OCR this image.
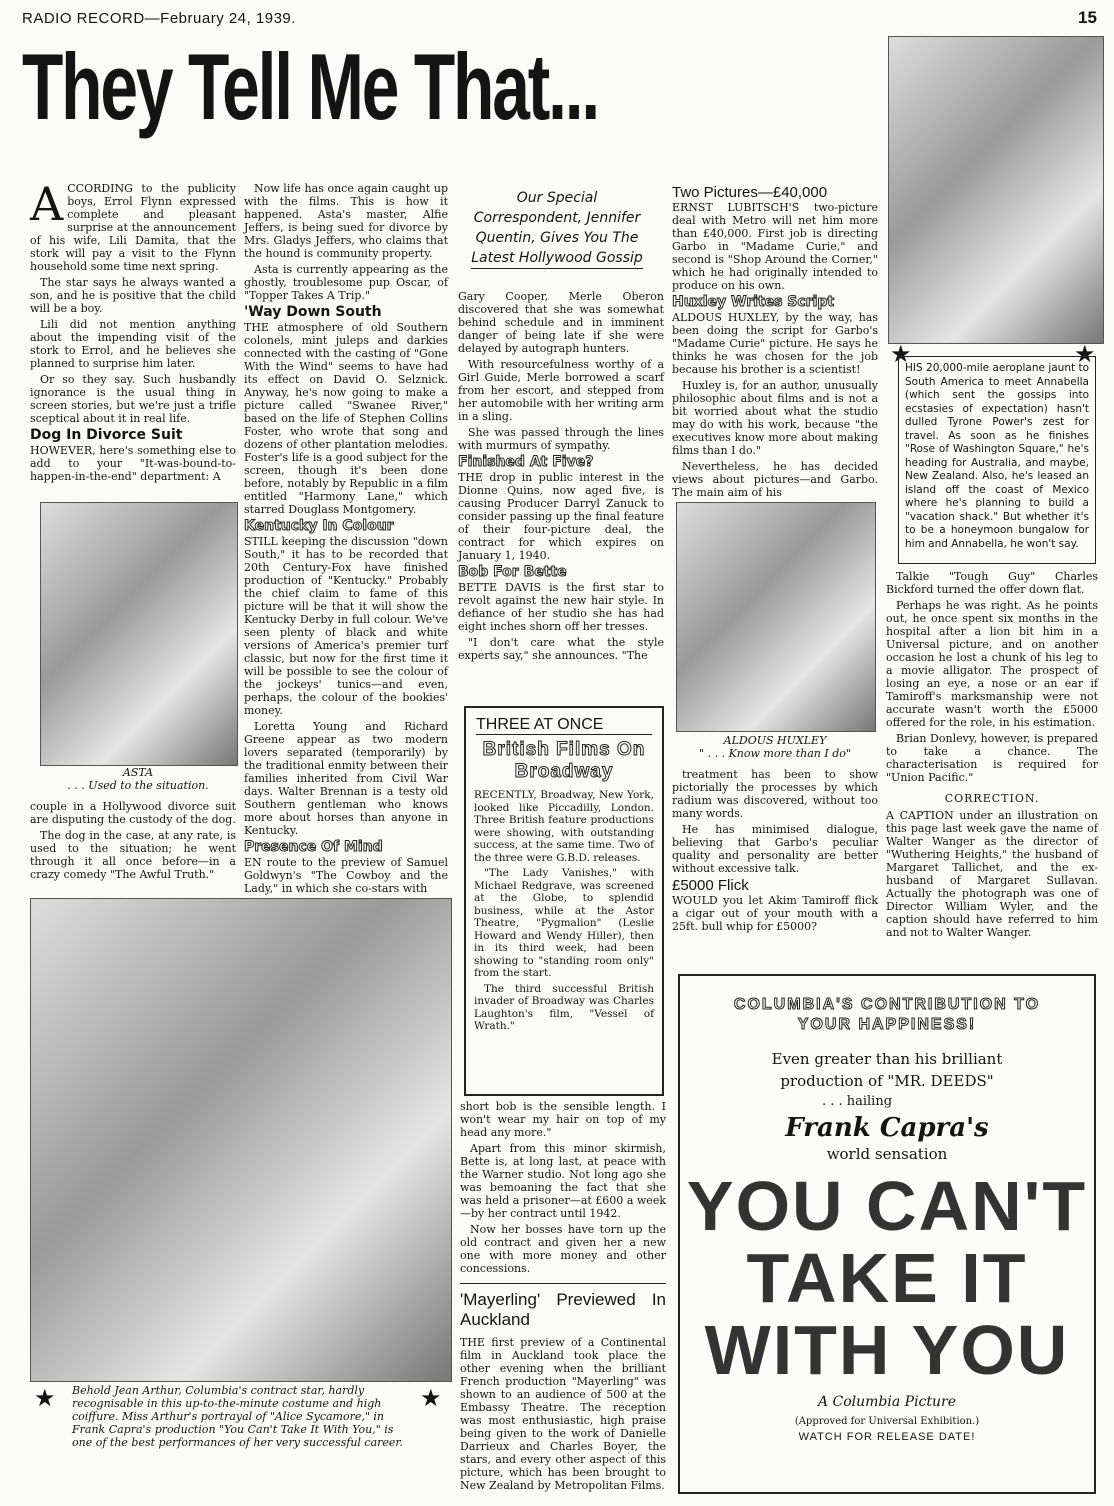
RADIO RECORD—February 24, 1939.	15
They Tell Me That...
★	★
A CCORDING to the publicity boys, Errol Flynn expressed complete and pleasant surprise at the announcement of his wife, Lili Damita, that the stork will pay a visit to the Flynn household some time next spring.

The star says he always wanted a son, and he is positive that the child will be a boy.

Lili did not mention anything about the impending visit of the stork to Errol, and he believes she planned to surprise him later.

Or so they say. Such husbandly ignorance is the usual thing in screen stories, but we're just a trifle sceptical about it in real life.

Dog In Divorce Suit

HOWEVER, here's something else to add to your "It-was-bound-to-happen-in-the-end" department: A

ASTA
. . . Used to the situation.

couple in a Hollywood divorce suit are disputing the custody of the dog.

The dog in the case, at any rate, is used to the situation; he went through it all once before—in a crazy comedy "The Awful Truth."

Now life has once again caught up with the films. This is how it happened. Asta's master, Alfie Jeffers, is being sued for divorce by Mrs. Gladys Jeffers, who claims that the hound is community property.

Asta is currently appearing as the ghostly, troublesome pup Oscar, of "Topper Takes A Trip."

'Way Down South

THE atmosphere of old Southern colonels, mint juleps and darkies connected with the casting of "Gone With the Wind" seems to have had its effect on David O. Selznick. Anyway, he's now going to make a picture called "Swanee River," based on the life of Stephen Collins Foster, who wrote that song and dozens of other plantation melodies. Foster's life is a good subject for the screen, though it's been done before, notably by Republic in a film entitled "Harmony Lane," which starred Douglass Montgomery.

Kentucky In Colour

STILL keeping the discussion "down South," it has to be recorded that 20th Century-Fox have finished production of "Kentucky." Probably the chief claim to fame of this picture will be that it will show the Kentucky Derby in full colour. We've seen plenty of black and white versions of America's premier turf classic, but now for the first time it will be possible to see the colour of the jockeys' tunics—and even, perhaps, the colour of the bookies' money.

Loretta Young and Richard Greene appear as two modern lovers separated (temporarily) by the traditional enmity between their families inherited from Civil War days. Walter Brennan is a testy old Southern gentleman who knows more about horses than anyone in Kentucky.

Presence Of Mind

EN route to the preview of Samuel Goldwyn's "The Cowboy and the Lady," in which she co-stars with

★ Behold Jean Arthur, Columbia's contract star, hardly recognisable in this up-to-the-minute costume and high coiffure. Miss Arthur's portrayal of "Alice Sycamore," in Frank Capra's production "You Can't Take It With You," is one of the best performances of her very successful career.
★
Our Special
Correspondent, Jennifer
Quentin, Gives You The
Latest Hollywood Gossip

Gary Cooper, Merle Oberon discovered that she was somewhat behind schedule and in imminent danger of being late if she were delayed by autograph hunters.

With resourcefulness worthy of a Girl Guide, Merle borrowed a scarf from her escort, and stepped from her automobile with her writing arm in a sling.

She was passed through the lines with murmurs of sympathy.

Finished At Five?

THE drop in public interest in the Dionne Quins, now aged five, is causing Producer Darryl Zanuck to consider passing up the final feature of their four-picture deal, the contract for which expires on January 1, 1940.

Bob For Bette

BETTE DAVIS is the first star to revolt against the new hair style. In defiance of her studio she has had eight inches shorn off her tresses.

"I don't care what the style experts say," she announces. "The

THREE AT ONCE
British Films On Broadway

RECENTLY, Broadway, New York, looked like Piccadilly, London. Three British feature productions were showing, with outstanding success, at the same time. Two of the three were G.B.D. releases.

"The Lady Vanishes," with Michael Redgrave, was screened at the Globe, to splendid business, while at the Astor Theatre, "Pygmalion" (Leslie Howard and Wendy Hiller), then in its third week, had been showing to "standing room only" from the start.

The third successful British invader of Broadway was Charles Laughton's film, "Vessel of Wrath."

short bob is the sensible length. I won't wear my hair on top of my head any more."

Apart from this minor skirmish, Bette is, at long last, at peace with the Warner studio. Not long ago she was bemoaning the fact that she was held a prisoner—at £600 a week—by her contract until 1942.

Now her bosses have torn up the old contract and given her a new one with more money and other concessions.

'Mayerling' Previewed In Auckland

THE first preview of a Continental film in Auckland took place the other evening when the brilliant French production "Mayerling" was shown to an audience of 500 at the Embassy Theatre. The reception was most enthusiastic, high praise being given to the work of Danielle Darrieux and Charles Boyer, the stars, and every other aspect of this picture, which has been brought to New Zealand by Metropolitan Films.

Two Pictures—£40,000

ERNST LUBITSCH'S two-picture deal with Metro will net him more than £40,000. First job is directing Garbo in "Madame Curie," and second is "Shop Around the Corner," which he had originally intended to produce on his own.

Huxley Writes Script

ALDOUS HUXLEY, by the way, has been doing the script for Garbo's "Madame Curie" picture. He says he thinks he was chosen for the job because his brother is a scientist!

Huxley is, for an author, unusually philosophic about films and is not a bit worried about what the studio may do with his work, because "the executives know more about making films than I do."

Nevertheless, he has decided views about pictures—and Garbo. The main aim of his

ALDOUS HUXLEY
" . . . Know more than I do"

treatment has been to show pictorially the processes by which radium was discovered, without too many words.

He has minimised dialogue, believing that Garbo's peculiar quality and personality are better without excessive talk.

£5000 Flick

WOULD you let Akim Tamiroff flick a cigar out of your mouth with a 25ft. bull whip for £5000?

HIS 20,000-mile aeroplane jaunt to South America to meet Annabella (which sent the gossips into ecstasies of expectation) hasn't dulled Tyrone Power's zest for travel. As soon as he finishes "Rose of Washington Square," he's heading for Australia, and maybe, New Zealand. Also, he's leased an island off the coast of Mexico where he's planning to build a "vacation shack." But whether it's to be a honeymoon bungalow for him and Annabella, he won't say.

Talkie "Tough Guy" Charles Bickford turned the offer down flat.

Perhaps he was right. As he points out, he once spent six months in the hospital after a lion bit him in a Universal picture, and on another occasion he lost a chunk of his leg to a movie alligator. The prospect of losing an eye, a nose or an ear if Tamiroff's marksmanship were not accurate wasn't worth the £5000 offered for the role, in his estimation.

Brian Donlevy, however, is prepared to take a chance. The characterisation is required for "Union Pacific."

CORRECTION.

A CAPTION under an illustration on this page last week gave the name of Walter Wanger as the director of "Wuthering Heights," the husband of Margaret Tallichet, and the ex-husband of Margaret Sullavan. Actually the photograph was one of Director William Wyler, and the caption should have referred to him and not to Walter Wanger.

COLUMBIA'S CONTRIBUTION TO
YOUR HAPPINESS!
Even greater than his brilliant
production of "MR. DEEDS"
. . . hailing
Frank Capra's
world sensation
YOU CAN'T
TAKE IT
WITH YOU
A Columbia Picture
(Approved for Universal Exhibition.)
WATCH FOR RELEASE DATE!
